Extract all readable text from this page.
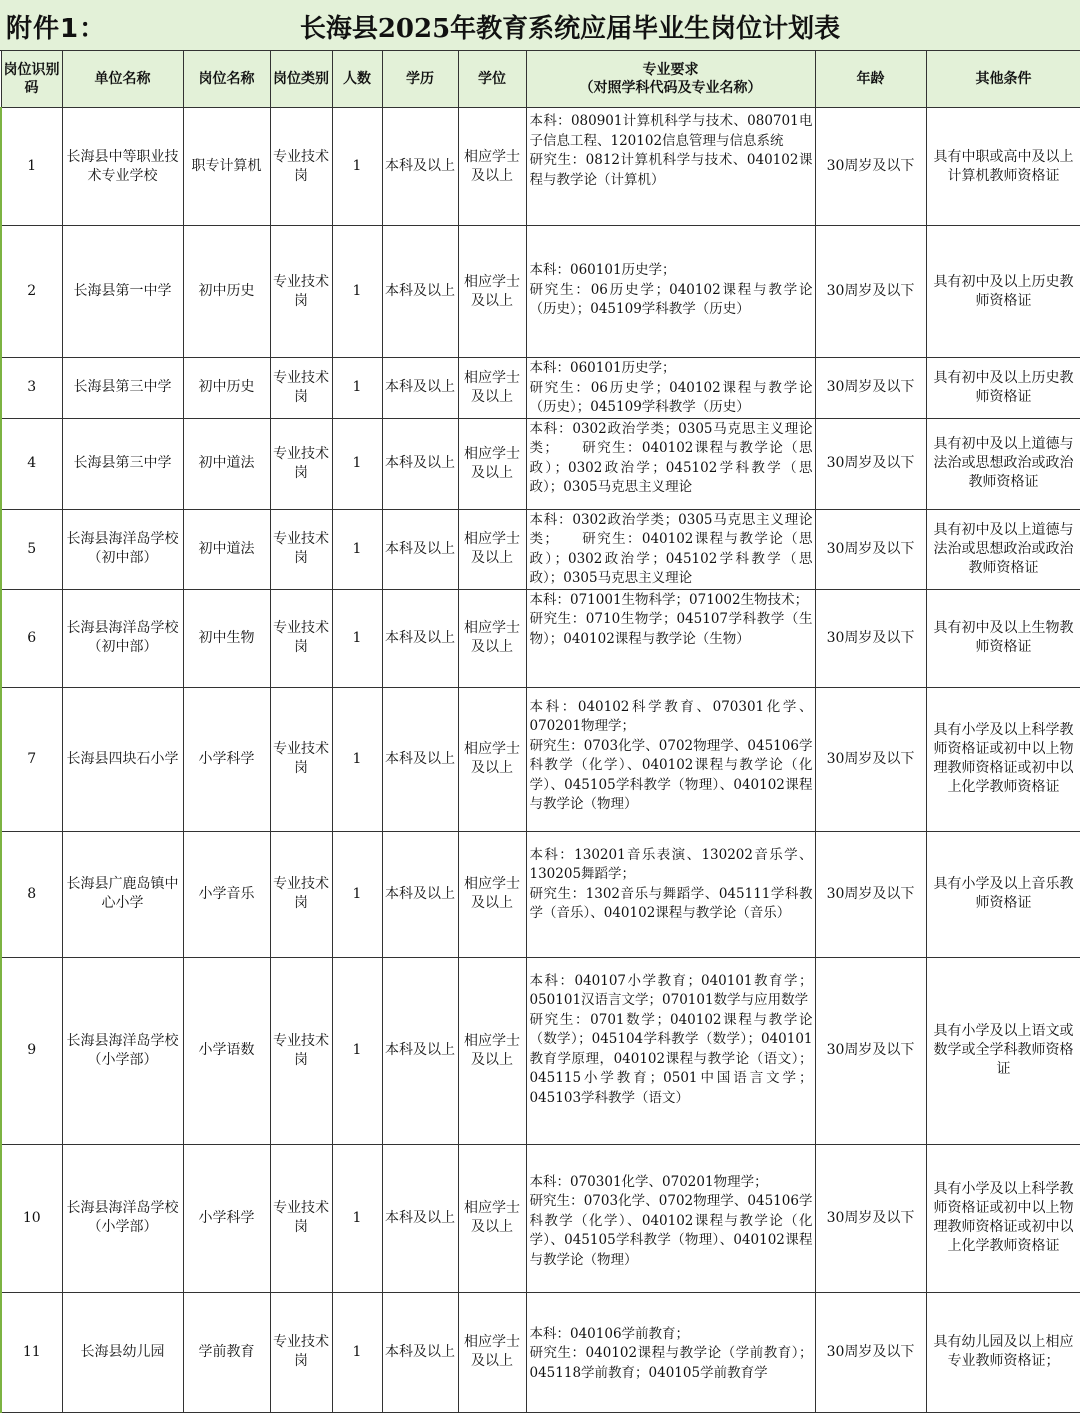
附件1：	长海县2025年教育系统应届毕业生岗位计划表
岗位识别码	单位名称	岗位名称	岗位类别	人数	学历	学位	专业要求
（对照学科代码及专业名称）	年龄	其他条件
1	长海县中等职业技术专业学校	职专计算机	专业技术岗	1	本科及以上	相应学士及以上	本科：080901计算机科学与技术、080701电子信息工程、120102信息管理与信息系统
研究生：0812计算机科学与技术、040102课程与教学论（计算机）	30周岁及以下	具有中职或高中及以上计算机教师资格证
2	长海县第一中学	初中历史	专业技术岗	1	本科及以上	相应学士及以上	本科：060101历史学；
研究生：06历史学；040102课程与教学论（历史）；045109学科教学（历史）	30周岁及以下	具有初中及以上历史教师资格证
3	长海县第三中学	初中历史	专业技术岗	1	本科及以上	相应学士及以上	本科：060101历史学；
研究生：06历史学；040102课程与教学论（历史）；045109学科教学（历史）	30周岁及以下	具有初中及以上历史教师资格证
4	长海县第三中学	初中道法	专业技术岗	1	本科及以上	相应学士及以上	本科：0302政治学类；0305马克思主义理论类；　　研究生：040102课程与教学论（思政）；0302政治学；045102学科教学（思政）；0305马克思主义理论	30周岁及以下	具有初中及以上道德与法治或思想政治或政治教师资格证
5	长海县海洋岛学校（初中部）	初中道法	专业技术岗	1	本科及以上	相应学士及以上	本科：0302政治学类；0305马克思主义理论类；　　研究生：040102课程与教学论（思政）；0302政治学；045102学科教学（思政）；0305马克思主义理论	30周岁及以下	具有初中及以上道德与法治或思想政治或政治教师资格证
6	长海县海洋岛学校（初中部）	初中生物	专业技术岗	1	本科及以上	相应学士及以上	本科：071001生物科学；071002生物技术；
研究生：0710生物学；045107学科教学（生物）；040102课程与教学论（生物）	30周岁及以下	具有初中及以上生物教师资格证
7	长海县四块石小学	小学科学	专业技术岗	1	本科及以上	相应学士及以上	本科：040102科学教育、070301化学、070201物理学；
研究生：0703化学、0702物理学、045106学科教学（化学）、040102课程与教学论（化学）、045105学科教学（物理）、040102课程与教学论（物理）	30周岁及以下	具有小学及以上科学教师资格证或初中以上物理教师资格证或初中以上化学教师资格证
8	长海县广鹿岛镇中心小学	小学音乐	专业技术岗	1	本科及以上	相应学士及以上	本科：130201音乐表演、130202音乐学、130205舞蹈学；
研究生：1302音乐与舞蹈学、045111学科教学（音乐）、040102课程与教学论（音乐）	30周岁及以下	具有小学及以上音乐教师资格证
9	长海县海洋岛学校（小学部）	小学语数	专业技术岗	1	本科及以上	相应学士及以上	本科：040107小学教育；040101教育学；050101汉语言文学；070101数学与应用数学
研究生：0701数学；040102课程与教学论（数学）；045104学科教学（数学）；040101教育学原理，040102课程与教学论（语文）；045115小学教育；0501中国语言文学；045103学科教学（语文）	30周岁及以下	具有小学及以上语文或数学或全学科教师资格证
10	长海县海洋岛学校（小学部）	小学科学	专业技术岗	1	本科及以上	相应学士及以上	本科：070301化学、070201物理学；
研究生：0703化学、0702物理学、045106学科教学（化学）、040102课程与教学论（化学）、045105学科教学（物理）、040102课程与教学论（物理）	30周岁及以下	具有小学及以上科学教师资格证或初中以上物理教师资格证或初中以上化学教师资格证
11	长海县幼儿园	学前教育	专业技术岗	1	本科及以上	相应学士及以上	本科：040106学前教育；
研究生：040102课程与教学论（学前教育）；045118学前教育；040105学前教育学	30周岁及以下	具有幼儿园及以上相应专业教师资格证；
